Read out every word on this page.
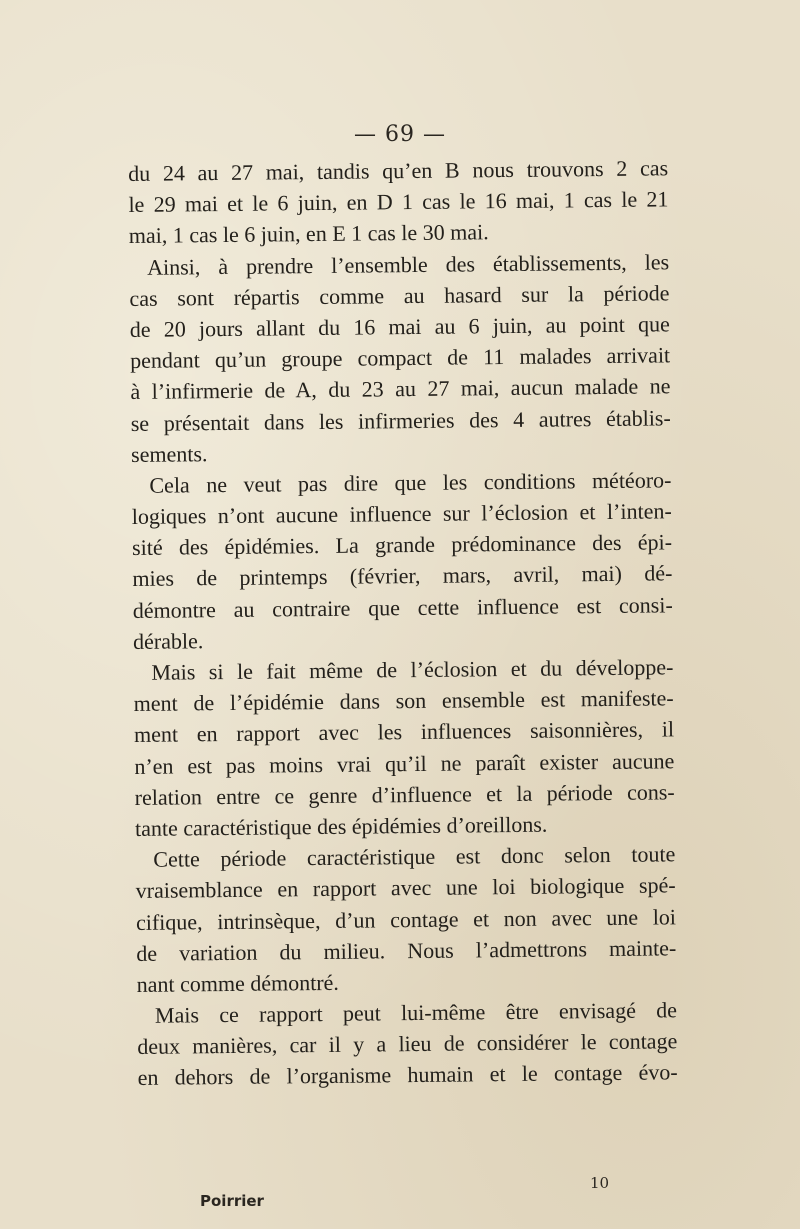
— 69 —
du 24 au 27 mai, tandis qu’en B nous trouvons 2 cas
le 29 mai et le 6 juin, en D 1 cas le 16 mai, 1 cas le 21
mai, 1 cas le 6 juin, en E 1 cas le 30 mai.
Ainsi, à prendre l’ensemble des établissements, les
cas sont répartis comme au hasard sur la période
de 20 jours allant du 16 mai au 6 juin, au point que
pendant qu’un groupe compact de 11 malades arrivait
à l’infirmerie de A, du 23 au 27 mai, aucun malade ne
se présentait dans les infirmeries des 4 autres établis-
sements.
Cela ne veut pas dire que les conditions météoro-
logiques n’ont aucune influence sur l’éclosion et l’inten-
sité des épidémies. La grande prédominance des épi-
mies de printemps (février, mars, avril, mai) dé-
démontre au contraire que cette influence est consi-
dérable.
Mais si le fait même de l’éclosion et du développe-
ment de l’épidémie dans son ensemble est manifeste-
ment en rapport avec les influences saisonnières, il
n’en est pas moins vrai qu’il ne paraît exister aucune
relation entre ce genre d’influence et la période cons-
tante caractéristique des épidémies d’oreillons.
Cette période caractéristique est donc selon toute
vraisemblance en rapport avec une loi biologique spé-
cifique, intrinsèque, d’un contage et non avec une loi
de variation du milieu. Nous l’admettrons mainte-
nant comme démontré.
Mais ce rapport peut lui-même être envisagé de
deux manières, car il y a lieu de considérer le contage
en dehors de l’organisme humain et le contage évo-
10
Poirrier
